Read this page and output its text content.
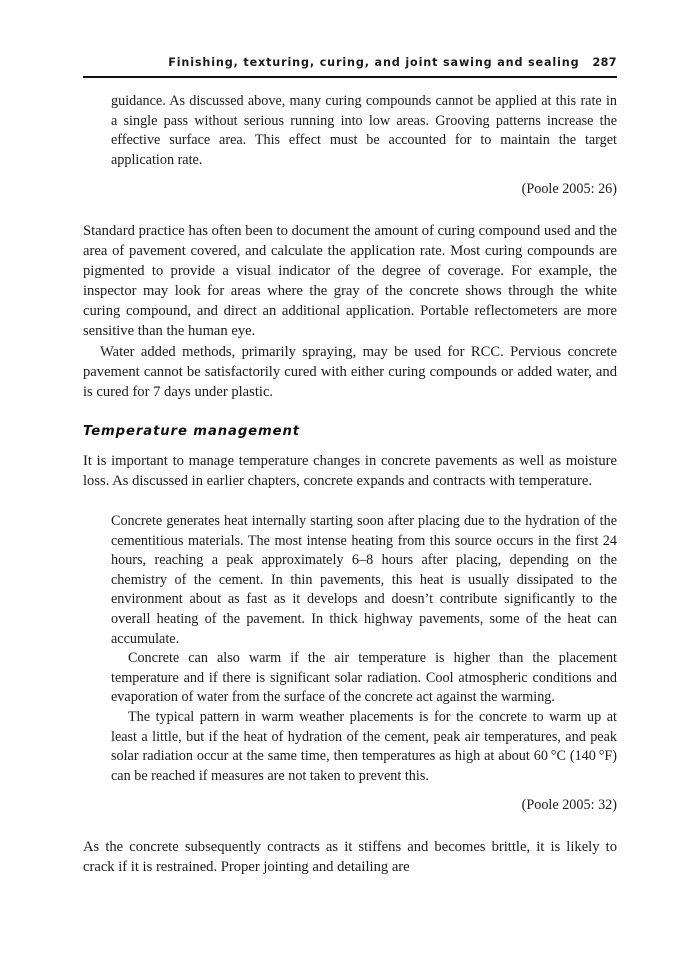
Finishing, texturing, curing, and joint sawing and sealing 287

guidance. As discussed above, many curing compounds cannot be applied at this rate in a single pass without serious running into low areas. Grooving patterns increase the effective surface area. This effect must be accounted for to maintain the target application rate.

(Poole 2005: 26)

Standard practice has often been to document the amount of curing compound used and the area of pavement covered, and calculate the application rate. Most curing compounds are pigmented to provide a visual indicator of the degree of coverage. For example, the inspector may look for areas where the gray of the concrete shows through the white curing compound, and direct an additional application. Portable reflectometers are more sensitive than the human eye.

Water added methods, primarily spraying, may be used for RCC. Pervious concrete pavement cannot be satisfactorily cured with either curing compounds or added water, and is cured for 7 days under plastic.

Temperature management

It is important to manage temperature changes in concrete pavements as well as moisture loss. As discussed in earlier chapters, concrete expands and contracts with temperature.

Concrete generates heat internally starting soon after placing due to the hydration of the cementitious materials. The most intense heating from this source occurs in the first 24 hours, reaching a peak approximately 6–8 hours after placing, depending on the chemistry of the cement. In thin pavements, this heat is usually dissipated to the environment about as fast as it develops and doesn’t contribute significantly to the overall heating of the pavement. In thick highway pavements, some of the heat can accumulate.

Concrete can also warm if the air temperature is higher than the placement temperature and if there is significant solar radiation. Cool atmospheric conditions and evaporation of water from the surface of the concrete act against the warming.

The typical pattern in warm weather placements is for the concrete to warm up at least a little, but if the heat of hydration of the cement, peak air temperatures, and peak solar radiation occur at the same time, then temperatures as high at about 60 °C (140 °F) can be reached if measures are not taken to prevent this.

(Poole 2005: 32)

As the concrete subsequently contracts as it stiffens and becomes brittle, it is likely to crack if it is restrained. Proper jointing and detailing are
